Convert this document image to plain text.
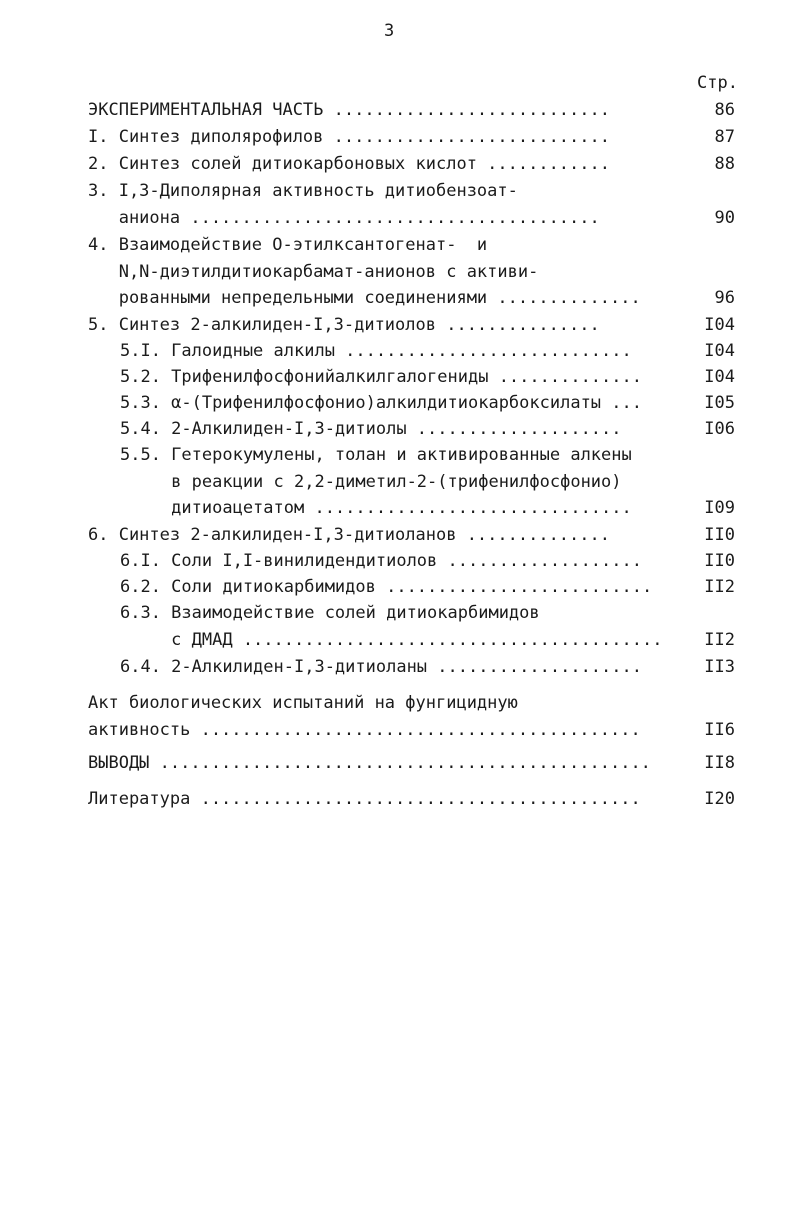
3
Стр.
ЭКСПЕРИМЕНТАЛЬНАЯ ЧАСТЬ ...........................	86
I. Синтез диполярофилов ...........................	87
2. Синтез солей дитиокарбоновых кислот ............	88
3. I,3-Диполярная активность дитиобензоат-
аниона ........................................	90
4. Взаимодействие О-этилксантогенат-  и
N,N-диэтилдитиокарбамат-анионов с активи-
рованными непредельными соединениями ..............	96
5. Синтез 2-алкилиден-I,3-дитиолов ...............	I04
5.I. Галоидные алкилы ............................	I04
5.2. Трифенилфосфонийалкилгалогениды ..............	I04
5.3. α-(Трифенилфосфонио)алкилдитиокарбоксилаты ...	I05
5.4. 2-Алкилиден-I,3-дитиолы ....................	I06
5.5. Гетерокумулены, толан и активированные алкены
в реакции с 2,2-диметил-2-(трифенилфосфонио)
дитиоацетатом ...............................	I09
6. Синтез 2-алкилиден-I,3-дитиоланов ..............	II0
6.I. Соли I,I-винилидендитиолов ...................	II0
6.2. Соли дитиокарбимидов ..........................	II2
6.3. Взаимодействие солей дитиокарбимидов
с ДМАД .........................................	II2
6.4. 2-Алкилиден-I,3-дитиоланы ....................	II3
Акт биологических испытаний на фунгицидную
активность ...........................................	II6
ВЫВОДЫ ................................................	II8
Литература ...........................................	I20
